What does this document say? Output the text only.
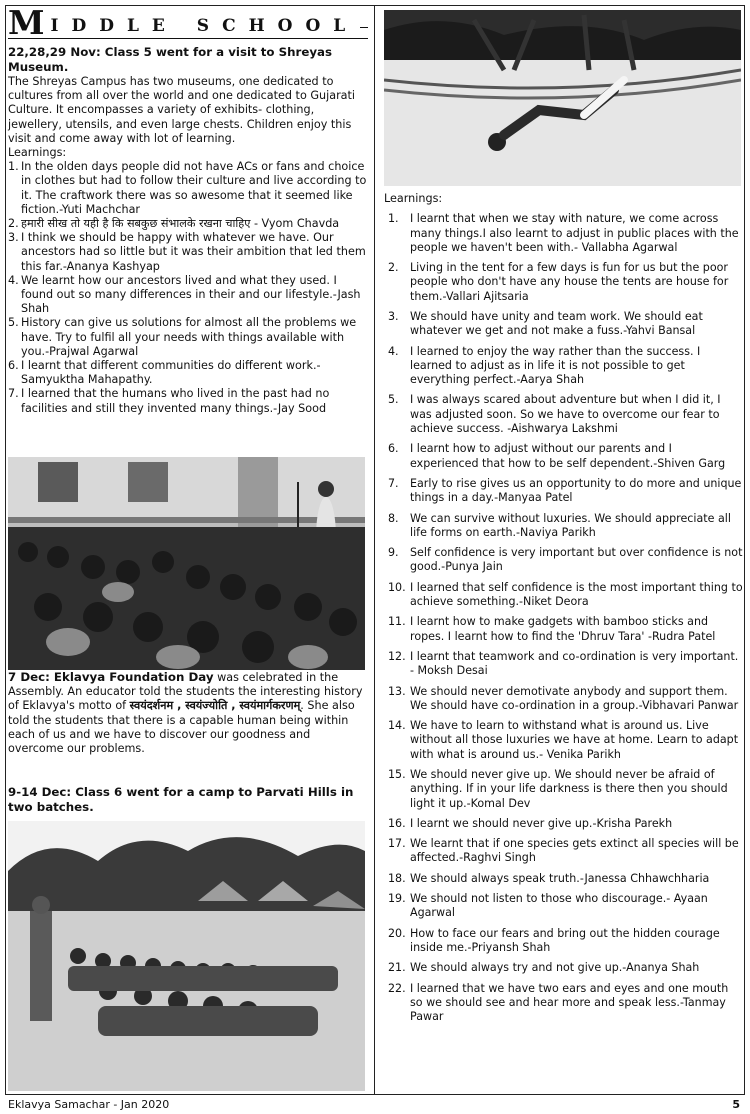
M IDDLE SCHOOL

22,28,29 Nov: Class 5 went for a visit to Shreyas Museum.

The Shreyas Campus has two museums, one dedicated to cultures from all over the world and one dedicated to Gujarati Culture. It encompasses a variety of exhibits- clothing, jewellery, utensils, and even large chests. Children enjoy this visit and come away with lot of learning.

Learnings:

1. In the olden days people did not have ACs or fans and choice in clothes but had to follow their culture and live according to it. The craftwork there was so awesome that it seemed like fiction.-Yuti Machchar
2. हमारी सीख तो यही है कि सबकुछ संभालके रखना चाहिए - Vyom Chavda
3. I think we should be happy with whatever we have. Our ancestors had so little but it was their ambition that led them this far.-Ananya Kashyap
4. We learnt how our ancestors lived and what they used. I found out so many differences in their and our lifestyle.-Jash Shah
5. History can give us solutions for almost all the problems we have. Try to fulfil all your needs with things available with you.-Prajwal Agarwal
6. I learnt that different communities do different work.- Samyuktha Mahapathy.
7. I learned that the humans who lived in the past had no facilities and still they invented many things.-Jay Sood

7 Dec: Eklavya Foundation Day was celebrated in the Assembly. An educator told the students the interesting history of Eklavya's motto of स्वयंदर्शनम , स्वयंज्योति , स्वयंमार्गकरणम्. She also told the students that there is a capable human being within each of us and we have to discover our goodness and overcome our problems.

9-14 Dec: Class 6 went for a camp to Parvati Hills in two batches.

Learnings:

1. I learnt that when we stay with nature, we come across many things.I also learnt to adjust in public places with the people we haven't been with.- Vallabha Agarwal
2. Living in the tent for a few days is fun for us but the poor people who don't have any house the tents are house for them.-Vallari Ajitsaria
3. We should have unity and team work. We should eat whatever we get and not make a fuss.-Yahvi Bansal
4. I learned to enjoy the way rather than the success. I learned to adjust as in life it is not possible to get everything perfect.-Aarya Shah
5. I was always scared about adventure but when I did it, I was adjusted soon. So we have to overcome our fear to achieve success. -Aishwarya Lakshmi
6. I learnt how to adjust without our parents and I experienced that how to be self dependent.-Shiven Garg
7. Early to rise gives us an opportunity to do more and unique things in a day.-Manyaa Patel
8. We can survive without luxuries. We should appreciate all life forms on earth.-Naviya Parikh
9. Self confidence is very important but over confidence is not good.-Punya Jain
10. I learned that self confidence is the most important thing to achieve something.-Niket Deora
11. I learnt how to make gadgets with bamboo sticks and ropes. I learnt how to find the 'Dhruv Tara' -Rudra Patel
12. I learnt that teamwork and co-ordination is very important. - Moksh Desai
13. We should never demotivate anybody and support them. We should have co-ordination in a group.-Vibhavari Panwar
14. We have to learn to withstand what is around us. Live without all those luxuries we have at home. Learn to adapt with what is around us.- Venika Parikh
15. We should never give up. We should never be afraid of anything. If in your life darkness is there then you should light it up.-Komal Dev
16. I learnt we should never give up.-Krisha Parekh
17. We learnt that if one species gets extinct all species will be affected.-Raghvi Singh
18. We should always speak truth.-Janessa Chhawchharia
19. We should not listen to those who discourage.- Ayaan Agarwal
20. How to face our fears and bring out the hidden courage inside me.-Priyansh Shah
21. We should always try and not give up.-Ananya Shah
22. I learned that we have two ears and eyes and one mouth so we should see and hear more and speak less.-Tanmay Pawar
Eklavya Samachar - Jan 2020	5
